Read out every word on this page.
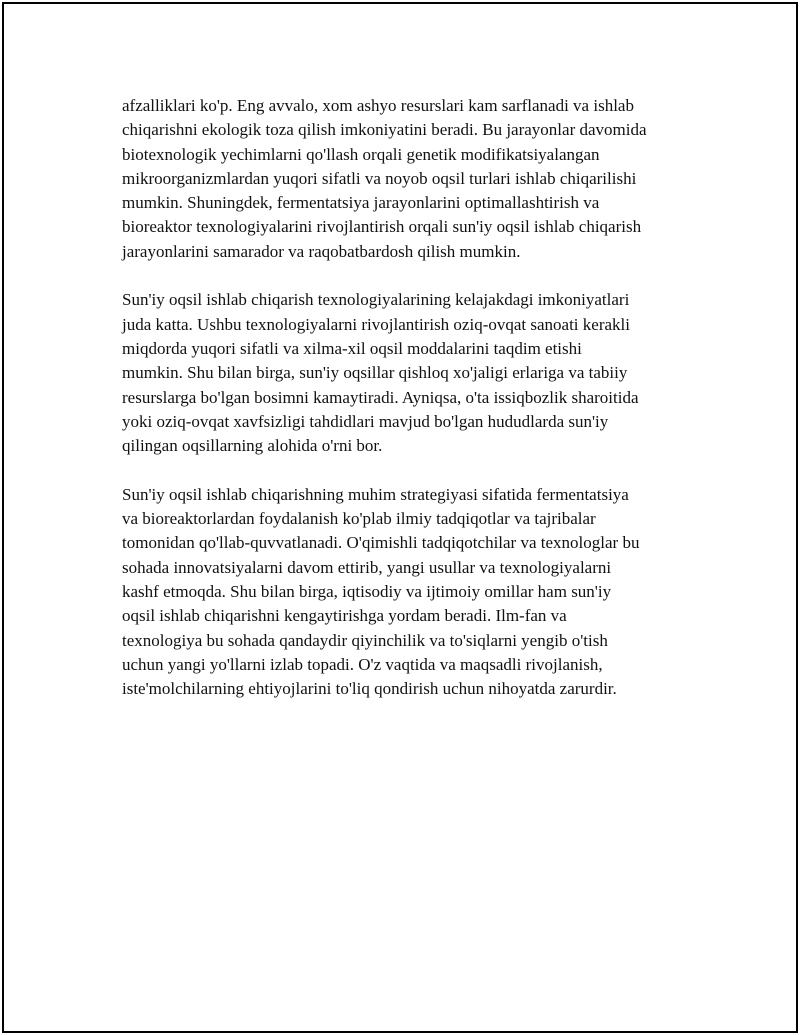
afzalliklari ko'p. Eng avvalo, xom ashyo resurslari kam sarflanadi va ishlab
chiqarishni ekologik toza qilish imkoniyatini beradi. Bu jarayonlar davomida
biotexnologik yechimlarni qo'llash orqali genetik modifikatsiyalangan
mikroorganizmlardan yuqori sifatli va noyob oqsil turlari ishlab chiqarilishi
mumkin. Shuningdek, fermentatsiya jarayonlarini optimallashtirish va
bioreaktor texnologiyalarini rivojlantirish orqali sun'iy oqsil ishlab chiqarish
jarayonlarini samarador va raqobatbardosh qilish mumkin.

Sun'iy oqsil ishlab chiqarish texnologiyalarining kelajakdagi imkoniyatlari
juda katta. Ushbu texnologiyalarni rivojlantirish oziq-ovqat sanoati kerakli
miqdorda yuqori sifatli va xilma-xil oqsil moddalarini taqdim etishi
mumkin. Shu bilan birga, sun'iy oqsillar qishloq xo'jaligi erlariga va tabiiy
resurslarga bo'lgan bosimni kamaytiradi. Ayniqsa, o'ta issiqbozlik sharoitida
yoki oziq-ovqat xavfsizligi tahdidlari mavjud bo'lgan hududlarda sun'iy
qilingan oqsillarning alohida o'rni bor.

Sun'iy oqsil ishlab chiqarishning muhim strategiyasi sifatida fermentatsiya
va bioreaktorlardan foydalanish ko'plab ilmiy tadqiqotlar va tajribalar
tomonidan qo'llab-quvvatlanadi. O'qimishli tadqiqotchilar va texnologlar bu
sohada innovatsiyalarni davom ettirib, yangi usullar va texnologiyalarni
kashf etmoqda. Shu bilan birga, iqtisodiy va ijtimoiy omillar ham sun'iy
oqsil ishlab chiqarishni kengaytirishga yordam beradi. Ilm-fan va
texnologiya bu sohada qandaydir qiyinchilik va to'siqlarni yengib o'tish
uchun yangi yo'llarni izlab topadi. O'z vaqtida va maqsadli rivojlanish,
iste'molchilarning ehtiyojlarini to'liq qondirish uchun nihoyatda zarurdir.
